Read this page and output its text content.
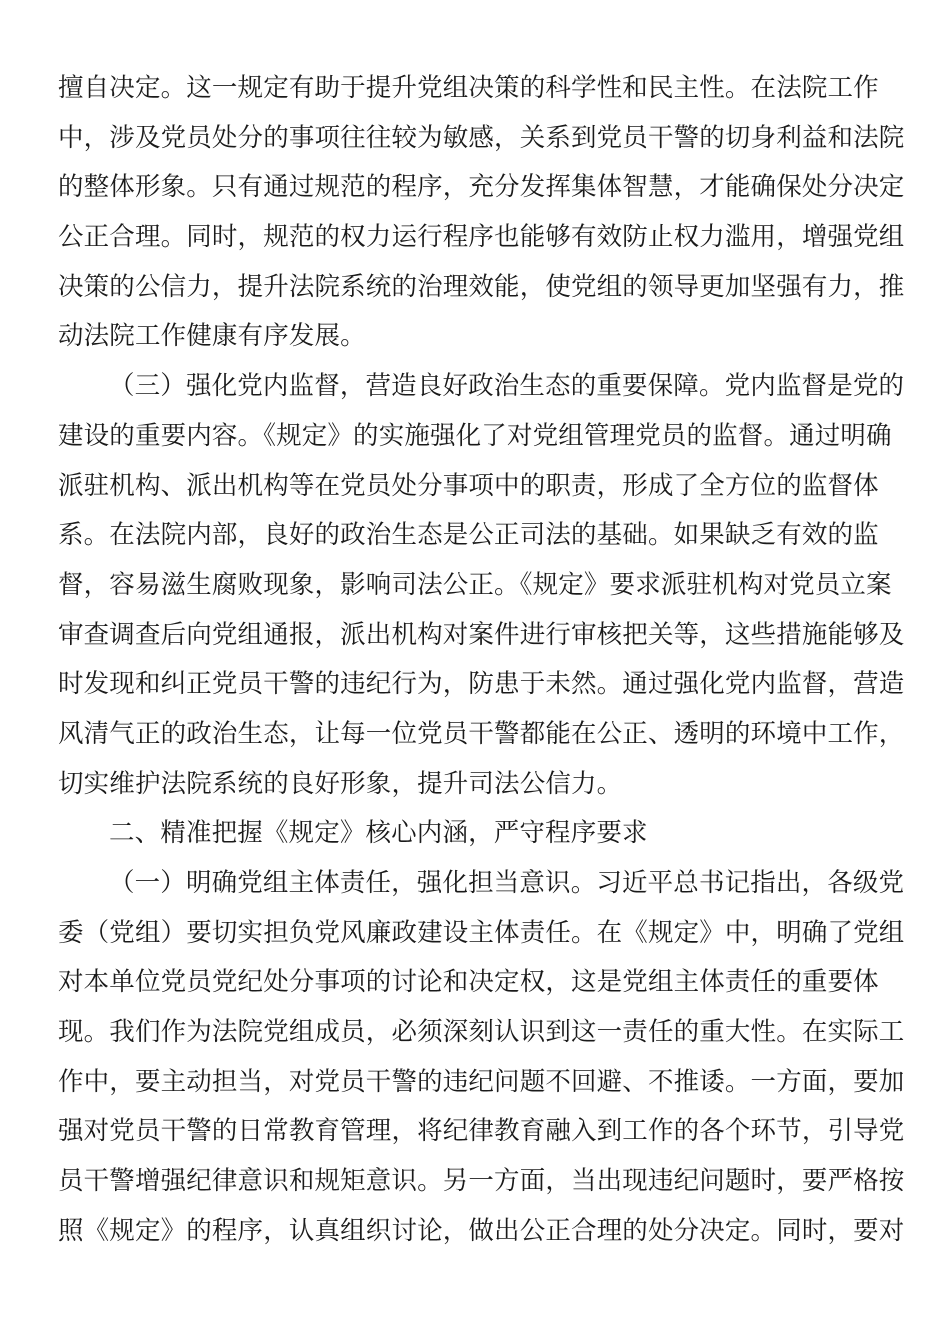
擅自决定。这一规定有助于提升党组决策的科学性和民主性。在法院工作
中，涉及党员处分的事项往往较为敏感，关系到党员干警的切身利益和法院
的整体形象。只有通过规范的程序，充分发挥集体智慧，才能确保处分决定
公正合理。同时，规范的权力运行程序也能够有效防止权力滥用，增强党组
决策的公信力，提升法院系统的治理效能，使党组的领导更加坚强有力，推
动法院工作健康有序发展。
（三）强化党内监督，营造良好政治生态的重要保障。党内监督是党的
建设的重要内容。《规定》的实施强化了对党组管理党员的监督。通过明确
派驻机构、派出机构等在党员处分事项中的职责，形成了全方位的监督体
系。在法院内部，良好的政治生态是公正司法的基础。如果缺乏有效的监
督，容易滋生腐败现象，影响司法公正。《规定》要求派驻机构对党员立案
审查调查后向党组通报，派出机构对案件进行审核把关等，这些措施能够及
时发现和纠正党员干警的违纪行为，防患于未然。通过强化党内监督，营造
风清气正的政治生态，让每一位党员干警都能在公正、透明的环境中工作，
切实维护法院系统的良好形象，提升司法公信力。
二、精准把握《规定》核心内涵，严守程序要求
（一）明确党组主体责任，强化担当意识。习近平总书记指出，各级党
委（党组）要切实担负党风廉政建设主体责任。在《规定》中，明确了党组
对本单位党员党纪处分事项的讨论和决定权，这是党组主体责任的重要体
现。我们作为法院党组成员，必须深刻认识到这一责任的重大性。在实际工
作中，要主动担当，对党员干警的违纪问题不回避、不推诿。一方面，要加
强对党员干警的日常教育管理，将纪律教育融入到工作的各个环节，引导党
员干警增强纪律意识和规矩意识。另一方面，当出现违纪问题时，要严格按
照《规定》的程序，认真组织讨论，做出公正合理的处分决定。同时，要对
